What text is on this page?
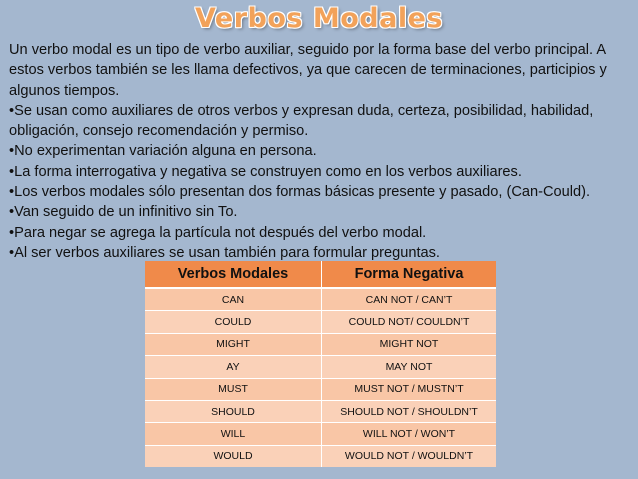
Verbos Modales

Un verbo modal es un tipo de verbo auxiliar, seguido por la forma base del verbo principal. A estos verbos también se les llama defectivos, ya que carecen de terminaciones, participios y algunos tiempos.

•Se usan como auxiliares de otros verbos y expresan duda, certeza, posibilidad, habilidad, obligación, consejo recomendación y permiso.

•No experimentan variación alguna en persona.

•La forma interrogativa y negativa se construyen como en los verbos auxiliares.

•Los verbos modales sólo presentan dos formas básicas presente y pasado, (Can-Could).

•Van seguido de un infinitivo sin To.

•Para negar se agrega la partícula not después del verbo modal.

•Al ser verbos auxiliares se usan también para formular preguntas.

Verbos Modales	Forma Negativa
CAN	CAN NOT / CAN’T
COULD	COULD NOT/ COULDN’T
MIGHT	MIGHT NOT
AY	MAY NOT
MUST	MUST NOT / MUSTN’T
SHOULD	SHOULD NOT / SHOULDN’T
WILL	WILL NOT / WON’T
WOULD	WOULD NOT / WOULDN’T
